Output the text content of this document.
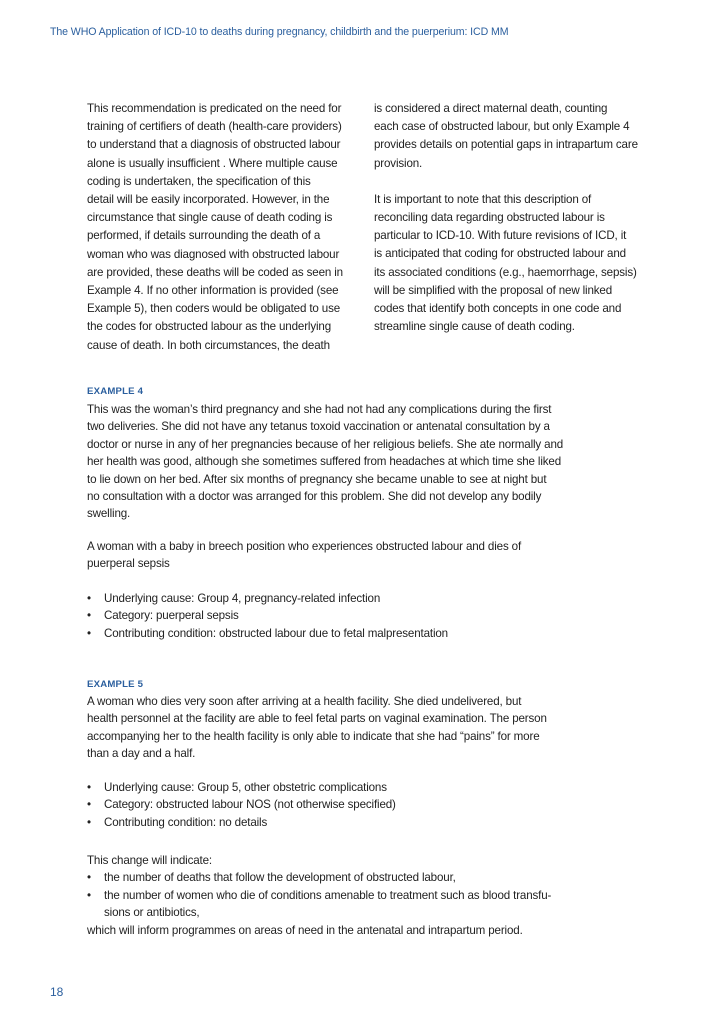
The WHO Application of ICD-10 to deaths during pregnancy, childbirth and the puerperium: ICD MM

This recommendation is predicated on the need for

training of certifiers of death (health-care providers)

to understand that a diagnosis of obstructed labour

alone is usually insufficient . Where multiple cause

coding is undertaken, the specification of this

detail will be easily incorporated. However, in the

circumstance that single cause of death coding is

performed, if details surrounding the death of a

woman who was diagnosed with obstructed labour

are provided, these deaths will be coded as seen in

Example 4. If no other information is provided (see

Example 5), then coders would be obligated to use

the codes for obstructed labour as the underlying

cause of death. In both circumstances, the death

is considered a direct maternal death, counting

each case of obstructed labour, but only Example 4

provides details on potential gaps in intrapartum care

provision.

It is important to note that this description of

reconciling data regarding obstructed labour is

particular to ICD-10. With future revisions of ICD, it

is anticipated that coding for obstructed labour and

its associated conditions (e.g., haemorrhage, sepsis)

will be simplified with the proposal of new linked

codes that identify both concepts in one code and

streamline single cause of death coding.

EXAMPLE 4
This was the woman’s third pregnancy and she had not had any complications during the first
two deliveries. She did not have any tetanus toxoid vaccination or antenatal consultation by a
doctor or nurse in any of her pregnancies because of her religious beliefs. She ate normally and
her health was good, although she sometimes suffered from headaches at which time she liked
to lie down on her bed. After six months of pregnancy she became unable to see at night but
no consultation with a doctor was arranged for this problem. She did not develop any bodily
swelling.
A woman with a baby in breech position who experiences obstructed labour and dies of
puerperal sepsis
•	Underlying cause: Group 4, pregnancy-related infection
•	Category: puerperal sepsis
•	Contributing condition: obstructed labour due to fetal malpresentation
EXAMPLE 5
A woman who dies very soon after arriving at a health facility. She died undelivered, but
health personnel at the facility are able to feel fetal parts on vaginal examination. The person
accompanying her to the health facility is only able to indicate that she had “pains” for more
than a day and a half.
•	Underlying cause: Group 5, other obstetric complications
•	Category: obstructed labour NOS (not otherwise specified)
•	Contributing condition: no details
This change will indicate:
•	the number of deaths that follow the development of obstructed labour,
•	the number of women who die of conditions amenable to treatment such as blood transfu-
sions or antibiotics,
which will inform programmes on areas of need in the antenatal and intrapartum period.
18
